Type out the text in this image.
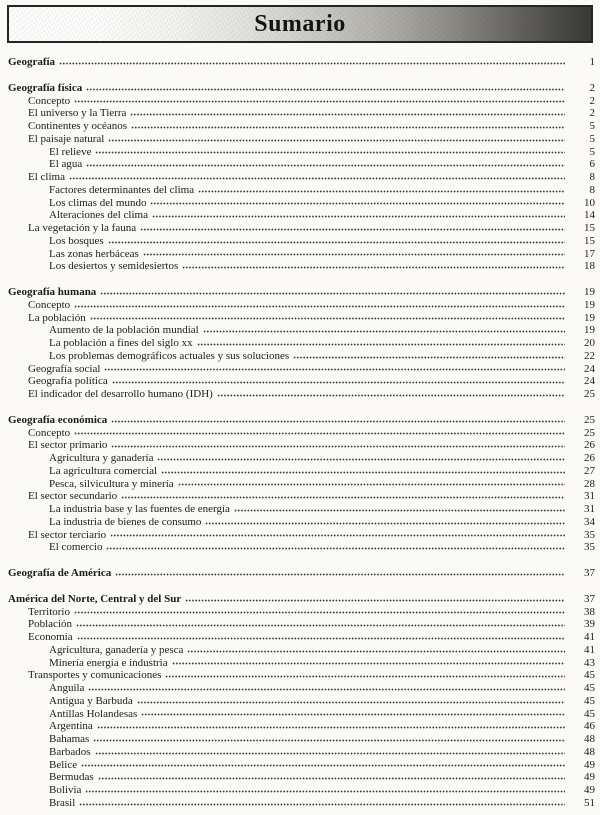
Sumario
Geografía	1
Geografía física	2
Concepto	2
El universo y la Tierra	2
Continentes y océanos	5
El paisaje natural	5
El relieve	5
El agua	6
El clima	8
Factores determinantes del clima	8
Los climas del mundo	10
Alteraciones del clima	14
La vegetación y la fauna	15
Los bosques	15
Las zonas herbáceas	17
Los desiertos y semidesiertos	18
Geografía humana	19
Concepto	19
La población	19
Aumento de la población mundial	19
La población a fines del siglo xx	20
Los problemas demográficos actuales y sus soluciones	22
Geografía social	24
Geografía política	24
El indicador del desarrollo humano (IDH)	25
Geografía económica	25
Concepto	25
El sector primario	26
Agricultura y ganadería	26
La agricultura comercial	27
Pesca, silvicultura y minería	28
El sector secundario	31
La industria base y las fuentes de energía	31
La industria de bienes de consumo	34
El sector terciario	35
El comercio	35
Geografía de América	37
América del Norte, Central y del Sur	37
Territorio	38
Población	39
Economía	41
Agricultura, ganadería y pesca	41
Minería energía e industria	43
Transportes y comunicaciones	45
Anguila	45
Antigua y Barbuda	45
Antillas Holandesas	45
Argentina	46
Bahamas	48
Barbados	48
Belice	49
Bermudas	49
Bolivia	49
Brasil	51
